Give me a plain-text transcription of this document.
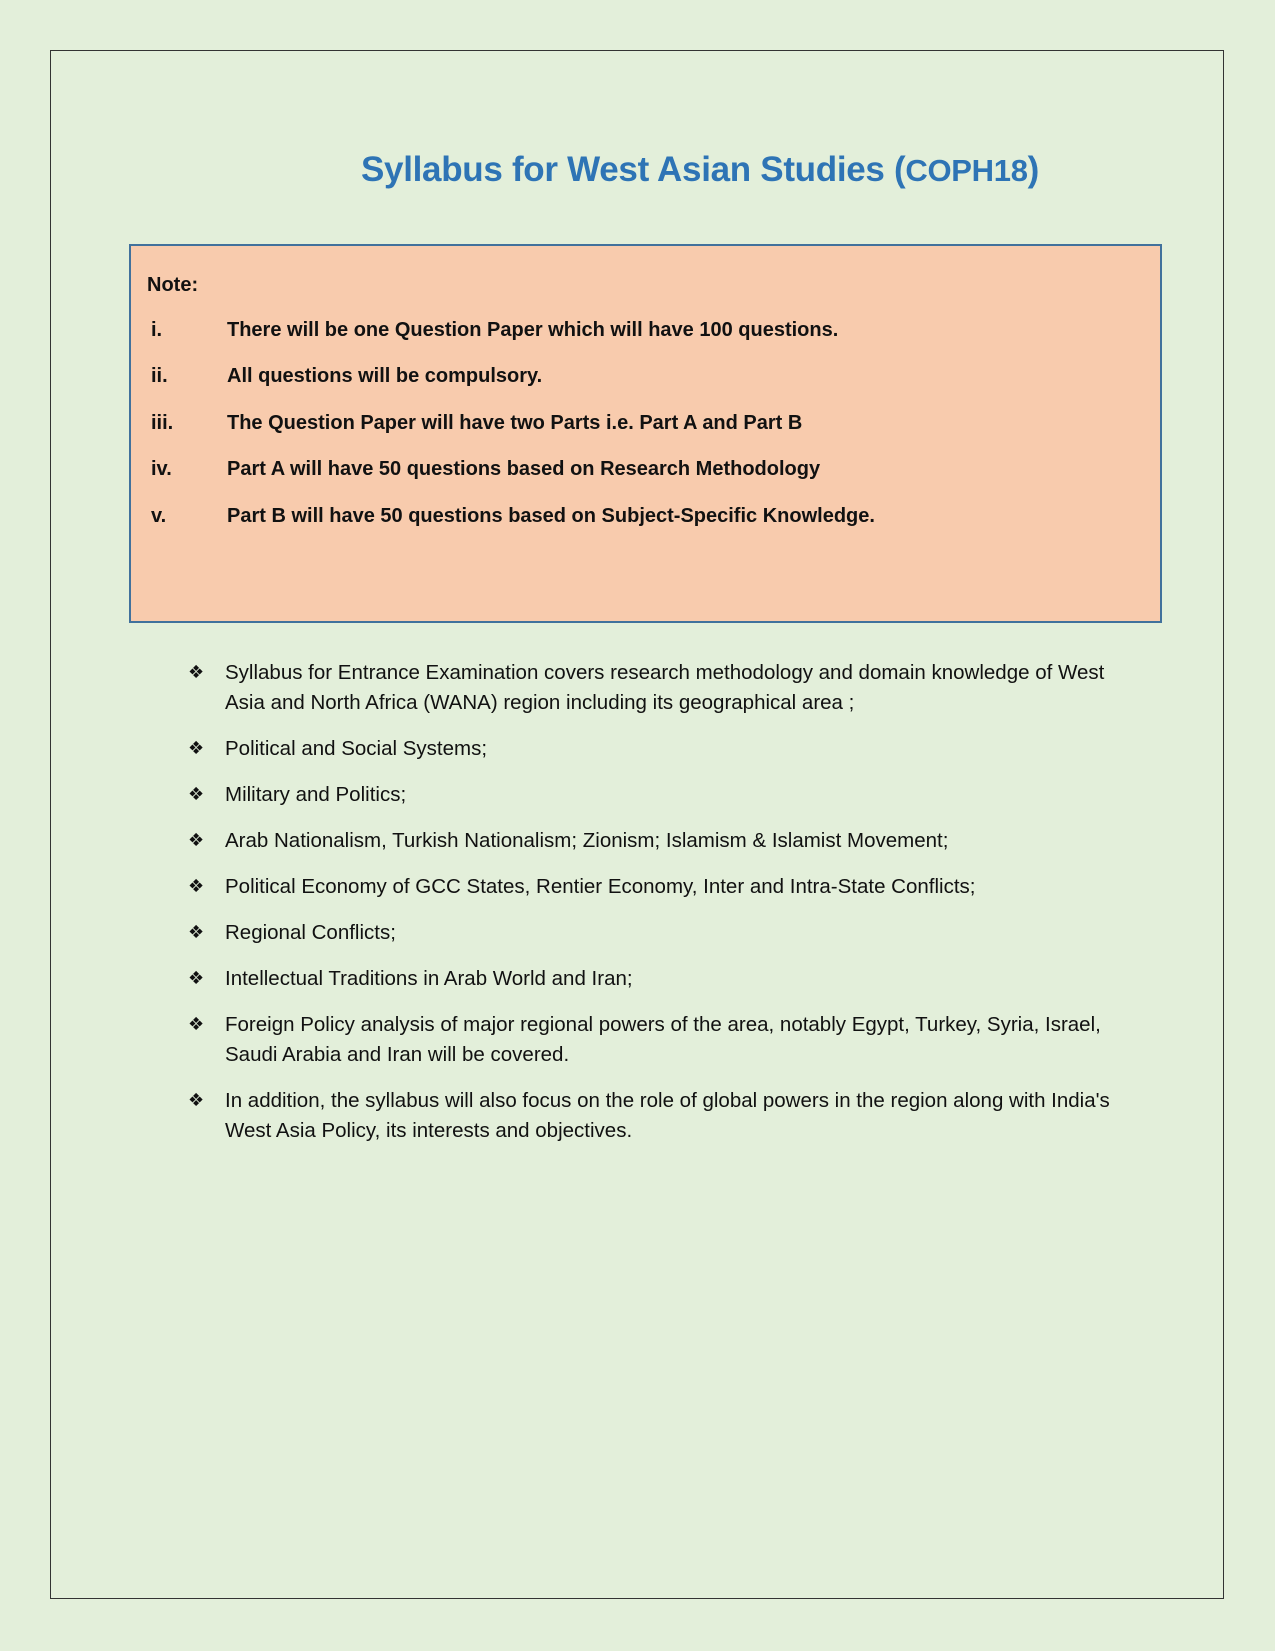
Syllabus for West Asian Studies (COPH18)
Note:
i.	There will be one Question Paper which will have 100 questions.
ii.	All questions will be compulsory.
iii.	The Question Paper will have two Parts i.e. Part A and Part B
iv.	Part A will have 50 questions based on Research Methodology
v.	Part B will have 50 questions based on Subject-Specific Knowledge.
❖ Syllabus for Entrance Examination covers research methodology and domain knowledge of West Asia and North Africa (WANA) region including its geographical area ;
❖ Political and Social Systems;
❖ Military and Politics;
❖ Arab Nationalism, Turkish Nationalism; Zionism; Islamism & Islamist Movement;
❖ Political Economy of GCC States, Rentier Economy, Inter and Intra-State Conflicts;
❖ Regional Conflicts;
❖ Intellectual Traditions in Arab World and Iran;
❖ Foreign Policy analysis of major regional powers of the area, notably Egypt, Turkey, Syria, Israel, Saudi Arabia and Iran will be covered.
❖ In addition, the syllabus will also focus on the role of global powers in the region along with India's West Asia Policy, its interests and objectives.
